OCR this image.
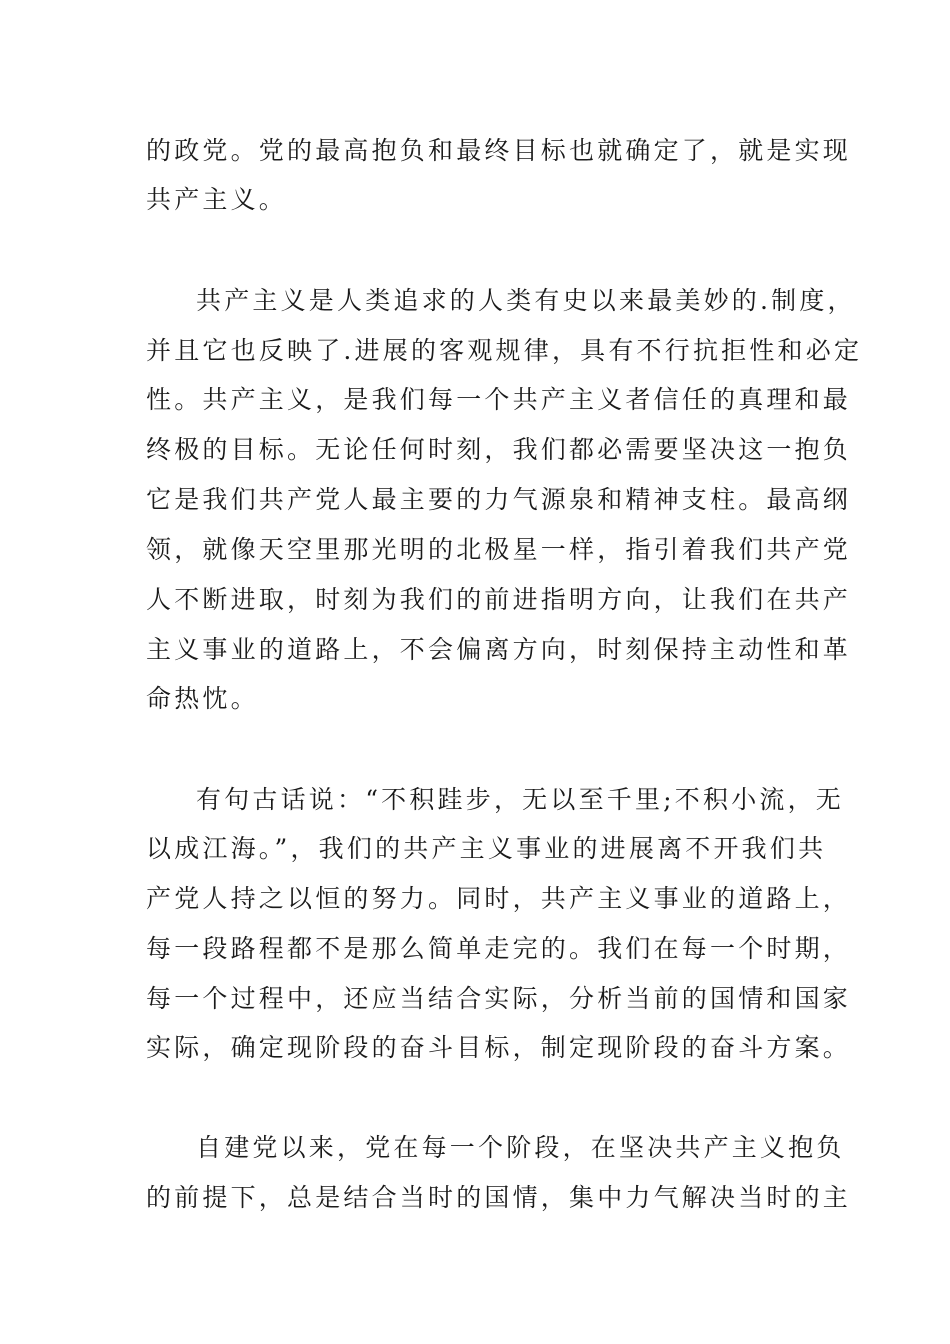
的政党。党的最高抱负和最终目标也就确定了，就是实现
共产主义。
共产主义是人类追求的人类有史以来最美妙的.制度，
并且它也反映了.进展的客观规律，具有不行抗拒性和必定
性。共产主义，是我们每一个共产主义者信任的真理和最
终极的目标。无论任何时刻，我们都必需要坚决这一抱负
它是我们共产党人最主要的力气源泉和精神支柱。最高纲
领，就像天空里那光明的北极星一样，指引着我们共产党
人不断进取，时刻为我们的前进指明方向，让我们在共产
主义事业的道路上，不会偏离方向，时刻保持主动性和革
命热忱。
有句古话说：“不积跬步，无以至千里;不积小流，无
以成江海。”，我们的共产主义事业的进展离不开我们共
产党人持之以恒的努力。同时，共产主义事业的道路上，
每一段路程都不是那么简单走完的。我们在每一个时期，
每一个过程中，还应当结合实际，分析当前的国情和国家
实际，确定现阶段的奋斗目标，制定现阶段的奋斗方案。
自建党以来，党在每一个阶段，在坚决共产主义抱负
的前提下，总是结合当时的国情，集中力气解决当时的主
